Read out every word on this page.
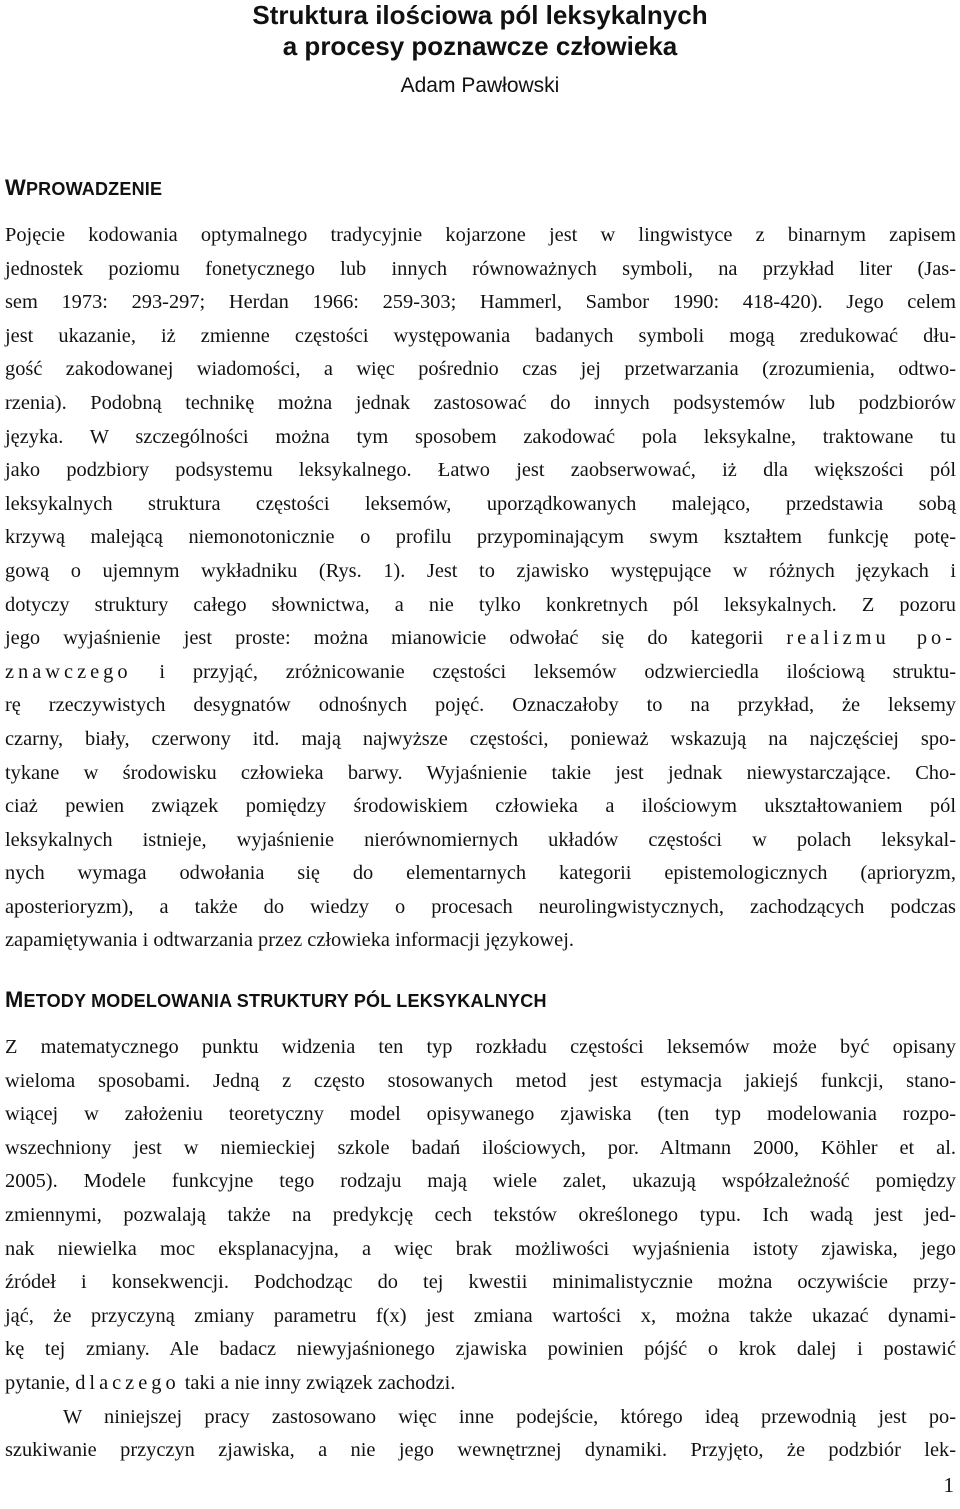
Struktura ilościowa pól leksykalnych
a procesy poznawcze człowieka
Adam Pawłowski
WPROWADZENIE
Pojęcie kodowania optymalnego tradycyjnie kojarzone jest w lingwistyce z binarnym zapisem
jednostek poziomu fonetycznego lub innych równoważnych symboli, na przykład liter (Jas-
sem 1973: 293-297; Herdan 1966: 259-303; Hammerl, Sambor 1990: 418-420). Jego celem
jest ukazanie, iż zmienne częstości występowania badanych symboli mogą zredukować dłu-
gość zakodowanej wiadomości, a więc pośrednio czas jej przetwarzania (zrozumienia, odtwo-
rzenia). Podobną technikę można jednak zastosować do innych podsystemów lub podzbiorów
języka. W szczególności można tym sposobem zakodować pola leksykalne, traktowane tu
jako podzbiory podsystemu leksykalnego. Łatwo jest zaobserwować, iż dla większości pól
leksykalnych struktura częstości leksemów, uporządkowanych malejąco, przedstawia sobą
krzywą malejącą niemonotonicznie o profilu przypominającym swym kształtem funkcję potę-
gową o ujemnym wykładniku (Rys. 1). Jest to zjawisko występujące w różnych językach i
dotyczy struktury całego słownictwa, a nie tylko konkretnych pól leksykalnych. Z pozoru
jego wyjaśnienie jest proste: można mianowicie odwołać się do kategorii realizmu po-
znawczego i przyjąć, zróżnicowanie częstości leksemów odzwierciedla ilościową struktu-
rę rzeczywistych desygnatów odnośnych pojęć. Oznaczałoby to na przykład, że leksemy
czarny, biały, czerwony itd. mają najwyższe częstości, ponieważ wskazują na najczęściej spo-
tykane w środowisku człowieka barwy. Wyjaśnienie takie jest jednak niewystarczające. Cho-
ciaż pewien związek pomiędzy środowiskiem człowieka a ilościowym ukształtowaniem pól
leksykalnych istnieje, wyjaśnienie nierównomiernych układów częstości w polach leksykal-
nych wymaga odwołania się do elementarnych kategorii epistemologicznych (aprioryzm,
aposterioryzm), a także do wiedzy o procesach neurolingwistycznych, zachodzących podczas
zapamiętywania i odtwarzania przez człowieka informacji językowej.
METODY MODELOWANIA STRUKTURY PÓL LEKSYKALNYCH
Z matematycznego punktu widzenia ten typ rozkładu częstości leksemów może być opisany
wieloma sposobami. Jedną z często stosowanych metod jest estymacja jakiejś funkcji, stano-
wiącej w założeniu teoretyczny model opisywanego zjawiska (ten typ modelowania rozpo-
wszechniony jest w niemieckiej szkole badań ilościowych, por. Altmann 2000, Köhler et al.
2005). Modele funkcyjne tego rodzaju mają wiele zalet, ukazują współzależność pomiędzy
zmiennymi, pozwalają także na predykcję cech tekstów określonego typu. Ich wadą jest jed-
nak niewielka moc eksplanacyjna, a więc brak możliwości wyjaśnienia istoty zjawiska, jego
źródeł i konsekwencji. Podchodząc do tej kwestii minimalistycznie można oczywiście przy-
jąć, że przyczyną zmiany parametru f(x) jest zmiana wartości x, można także ukazać dynami-
kę tej zmiany. Ale badacz niewyjaśnionego zjawiska powinien pójść o krok dalej i postawić
pytanie, dlaczego taki a nie inny związek zachodzi.
W niniejszej pracy zastosowano więc inne podejście, którego ideą przewodnią jest po-
szukiwanie przyczyn zjawiska, a nie jego wewnętrznej dynamiki. Przyjęto, że podzbiór lek-
1
